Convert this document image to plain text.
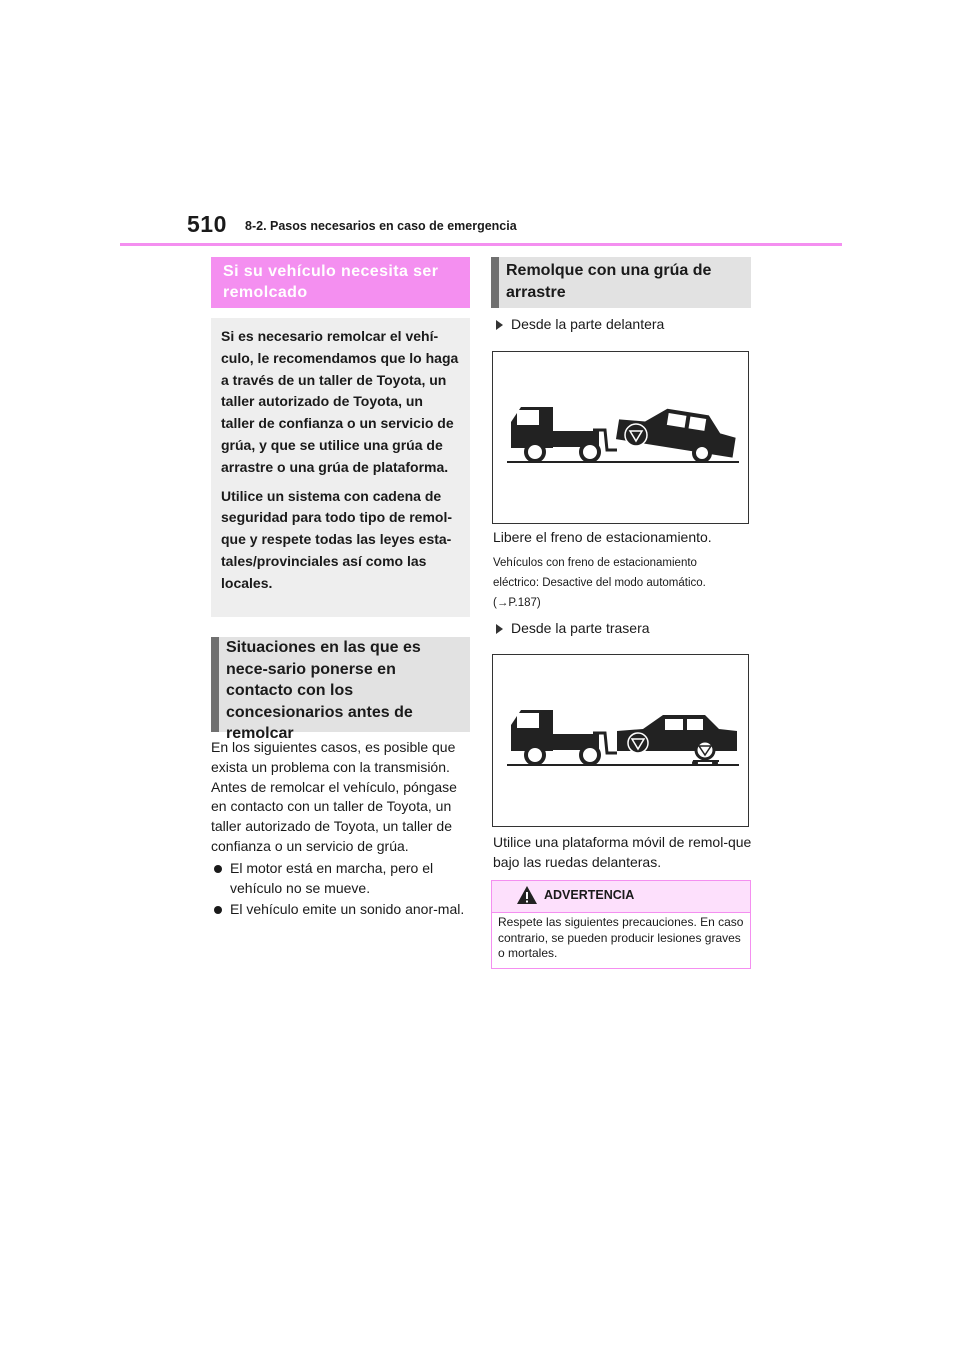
510 8-2. Pasos necesarios en caso de emergencia
Si su vehículo necesita ser remolcado

Si es necesario remolcar el vehí-culo, le recomendamos que lo haga a través de un taller de Toyota, un taller autorizado de Toyota, un taller de confianza o un servicio de grúa, y que se utilice una grúa de arrastre o una grúa de plataforma.

Utilice un sistema con cadena de seguridad para todo tipo de remol-que y respete todas las leyes esta-tales/provinciales así como las locales.

Situaciones en las que es nece-sario ponerse en contacto con los concesionarios antes de remolcar
En los siguientes casos, es posible que exista un problema con la transmisión. Antes de remolcar el vehículo, póngase en contacto con un taller de Toyota, un taller autorizado de Toyota, un taller de confianza o un servicio de grúa.
El motor está en marcha, pero el vehículo no se mueve.
El vehículo emite un sonido anor-mal.
Remolque con una grúa de arrastre
Desde la parte delantera
Libere el freno de estacionamiento.
Vehículos con freno de estacionamiento
eléctrico: Desactive del modo automático.
(→P.187)
Desde la parte trasera
Utilice una plataforma móvil de remol-que bajo las ruedas delanteras.
ADVERTENCIA
Respete las siguientes precauciones. En caso contrario, se pueden producir lesiones graves o mortales.
